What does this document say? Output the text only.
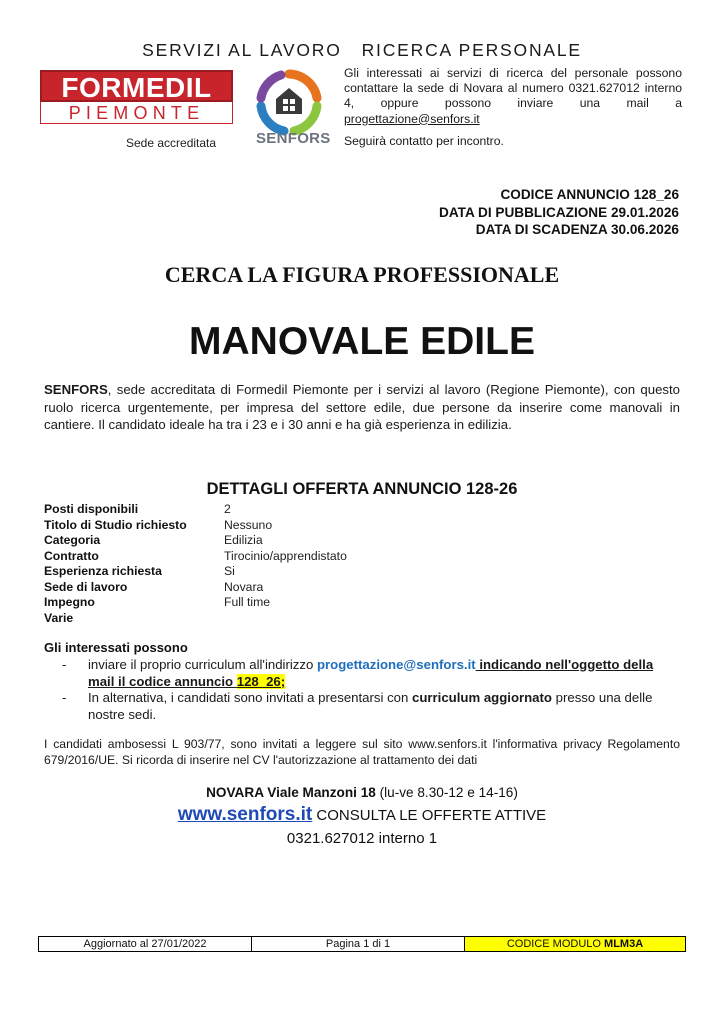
SERVIZI AL LAVORO   RICERCA PERSONALE
FORMEDIL
PIEMONTE
Sede accreditata	SENFORS
Gli interessati ai servizi di ricerca del personale possono contattare la sede di Novara al numero 0321.627012 interno 4, oppure possono inviare una mail a progettazione@senfors.it
Seguirà contatto per incontro.
CODICE ANNUNCIO 128_26
DATA DI PUBBLICAZIONE 29.01.2026
DATA DI SCADENZA 30.06.2026
CERCA LA FIGURA PROFESSIONALE
MANOVALE EDILE
SENFORS, sede accreditata di Formedil Piemonte per i servizi al lavoro (Regione Piemonte), con questo ruolo ricerca urgentemente, per impresa del settore edile, due persone da inserire come manovali in cantiere. Il candidato ideale ha tra i 23 e i 30 anni e ha già esperienza in edilizia.
DETTAGLI OFFERTA ANNUNCIO 128-26
Posti disponibili	2
Titolo di Studio richiesto	Nessuno
Categoria	Edilizia
Contratto	Tirocinio/apprendistato
Esperienza richiesta	Si
Sede di lavoro	Novara
Impegno	Full time
Varie
Gli interessati possono
- inviare il proprio curriculum all'indirizzo progettazione@senfors.it indicando nell'oggetto della mail il codice annuncio 128_26;
- In alternativa, i candidati sono invitati a presentarsi con curriculum aggiornato presso una delle nostre sedi.
I candidati ambosessi L 903/77, sono invitati a leggere sul sito www.senfors.it l'informativa privacy Regolamento 679/2016/UE. Si ricorda di inserire nel CV l'autorizzazione al trattamento dei dati
NOVARA Viale Manzoni 18 (lu-ve 8.30-12 e 14-16)
www.senfors.it CONSULTA LE OFFERTE ATTIVE
0321.627012 interno 1
Aggiornato al 27/01/2022	Pagina 1 di 1	CODICE MODULO MLM3A
